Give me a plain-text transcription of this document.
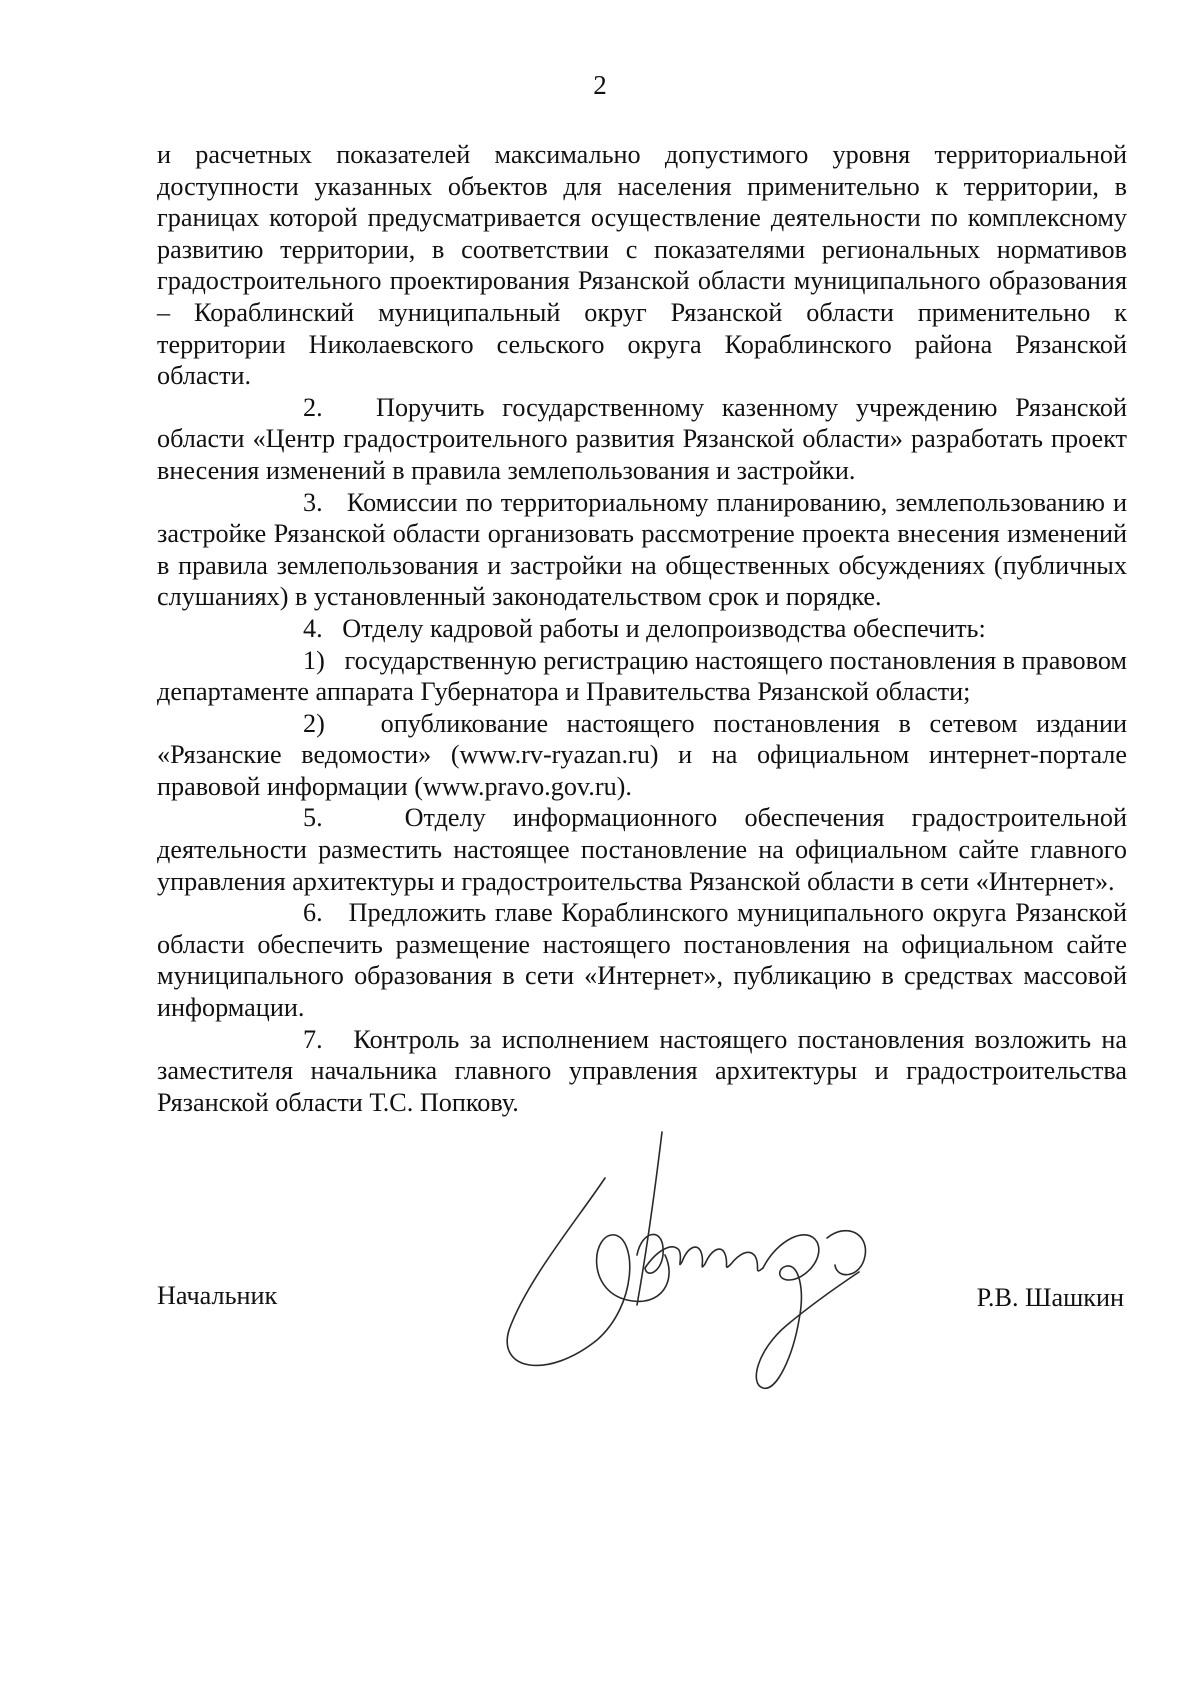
2

и расчетных показателей максимально допустимого уровня территориальной доступности указанных объектов для населения применительно к территории, в границах которой предусматривается осуществление деятельности по комплексному развитию территории, в соответствии с показателями региональных нормативов градостроительного проектирования Рязанской области муниципального образования – Кораблинский муниципальный округ Рязанской области применительно к территории Николаевского сельского округа Кораблинского района Рязанской области.

2. Поручить государственному казенному учреждению Рязанской области «Центр градостроительного развития Рязанской области» разработать проект внесения изменений в правила землепользования и застройки.

3. Комиссии по территориальному планированию, землепользованию и застройке Рязанской области организовать рассмотрение проекта внесения изменений в правила землепользования и застройки на общественных обсуждениях (публичных слушаниях) в установленный законодательством срок и порядке.

4. Отделу кадровой работы и делопроизводства обеспечить:

1) государственную регистрацию настоящего постановления в правовом департаменте аппарата Губернатора и Правительства Рязанской области;

2) опубликование настоящего постановления в сетевом издании «Рязанские ведомости» (www.rv-ryazan.ru) и на официальном интернет-портале правовой информации (www.pravo.gov.ru).

5.	Отделу информационного обеспечения градостроительной деятельности разместить настоящее постановление на официальном сайте главного управления архитектуры и градостроительства Рязанской области в сети «Интернет».

6. Предложить главе Кораблинского муниципального округа Рязанской области обеспечить размещение настоящего постановления на официальном сайте муниципального образования в сети «Интернет», публикацию в средствах массовой информации.

7. Контроль за исполнением настоящего постановления возложить на заместителя начальника главного управления архитектуры и градостроительства Рязанской области Т.С. Попкову.

Начальник	Р.В. Шашкин
